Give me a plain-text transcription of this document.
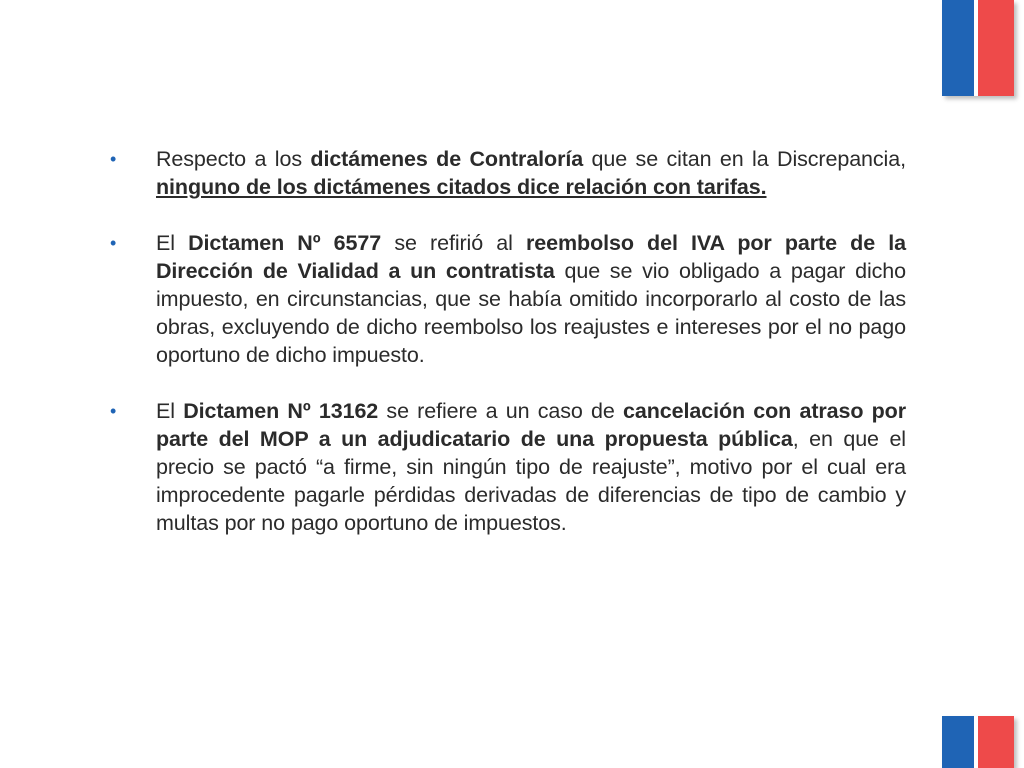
• Respecto a los dictámenes de Contraloría que se citan en la Discrepancia, ninguno de los dictámenes citados dice relación con tarifas.
• El Dictamen Nº 6577 se refirió al reembolso del IVA por parte de la Dirección de Vialidad a un contratista que se vio obligado a pagar dicho impuesto, en circunstancias, que se había omitido incorporarlo al costo de las obras, excluyendo de dicho reembolso los reajustes e intereses por el no pago oportuno de dicho impuesto.
• El Dictamen Nº 13162 se refiere a un caso de cancelación con atraso por parte del MOP a un adjudicatario de una propuesta pública, en que el precio se pactó “a firme, sin ningún tipo de reajuste”, motivo por el cual era improcedente pagarle pérdidas derivadas de diferencias de tipo de cambio y multas por no pago oportuno de impuestos.
